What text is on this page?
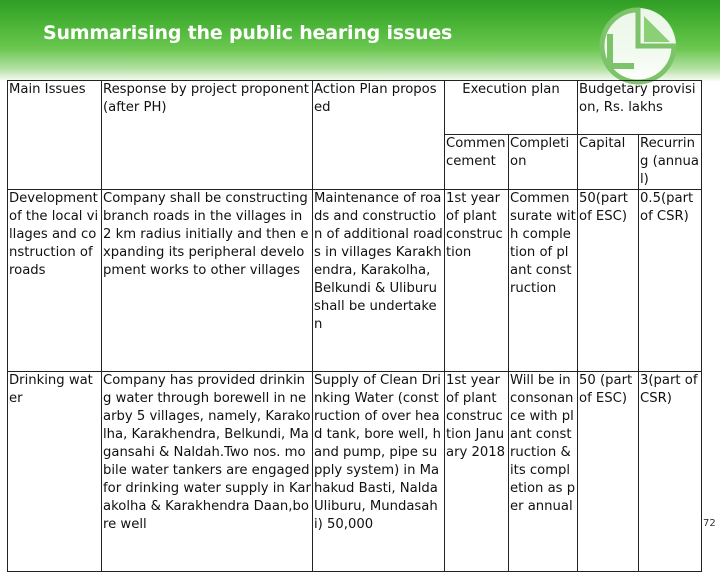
Summarising the public hearing issues
Main Issues	Response by project proponent (after PH)	Action Plan proposed	Execution plan		Budgetary provision, Rs. lakhs	
			Commencement	Completion	Capital	Recurring (annual)
Development of the local villages and construction of roads	Company shall be constructing branch roads in the villages in 2 km radius initially and then expanding its peripheral development works to other villages	Maintenance of roads and construction of additional roads in villages Karakhendra, Karakolha, Belkundi & Uliburu shall be undertaken	1st year of plant construction	Commensurate with completion of plant construction	50(part of ESC)	0.5(part of CSR)
Drinking water	Company has provided drinking water through borewell in nearby 5 villages, namely, Karakolha, Karakhendra, Belkundi, Magansahi & Naldah.Two nos. mobile water tankers are engaged for drinking water supply in Karakolha & Karakhendra Daan,bore well	Supply of Clean Drinking Water (construction of over head tank, bore well, hand pump, pipe supply system) in Mahakud Basti, Nalda Uliburu, Mundasahi) 50,000	1st year of plant construction January 2018	Will be in consonance with plant construction & its completion as per annual	50 (part of ESC)	3(part of CSR)
72
